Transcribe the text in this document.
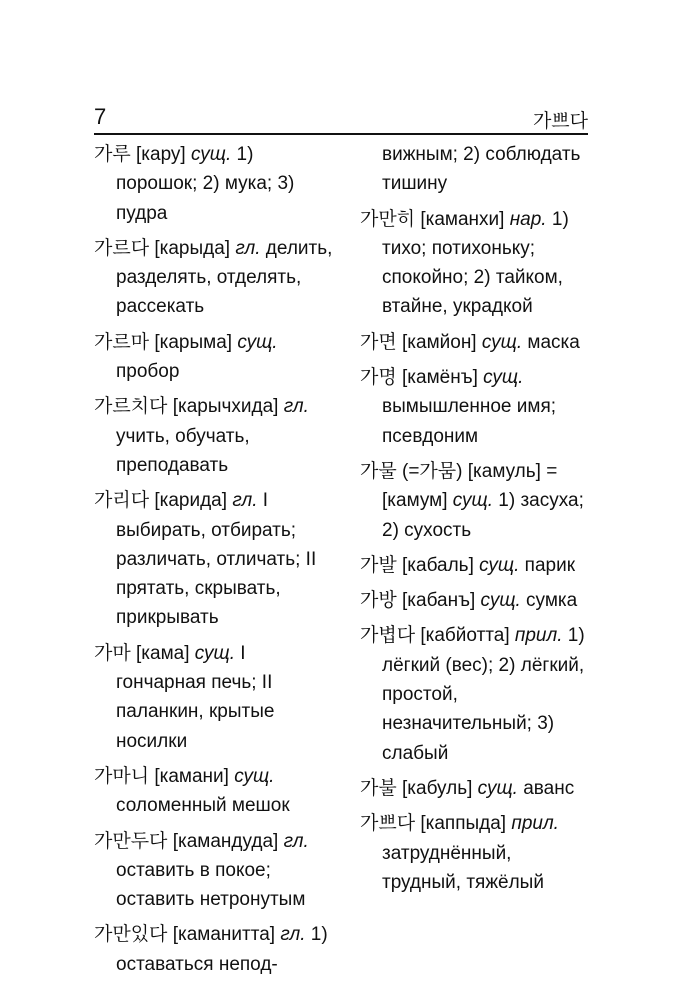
7	가쁘다
가루 [кару] сущ. 1) порошок; 2) мука; 3) пудра
가르다 [карыда] гл. делить, разделять, отделять, рассекать
가르마 [карыма] сущ. пробор
가르치다 [карычхида] гл. учить, обучать, преподавать
가리다 [карида] гл. I выбирать, отбирать; различать, отличать; II прятать, скрывать, прикрывать
가마 [кама] сущ. I гончарная печь; II паланкин, крытые носилки
가마니 [камани] сущ. соломенный мешок
가만두다 [камандуда] гл. оставить в покое; оставить нетронутым
가만있다 [каманитта] гл. 1) оставаться непод-
вижным; 2) соблюдать тишину
가만히 [каманхи] нар. 1) тихо; потихоньку; спокойно; 2) тайком, втайне, украдкой
가면 [камйон] сущ. маска
가명 [камёнъ] сущ. вымышленное имя; псевдоним
가물 (=가뭄) [камуль] = [камум] сущ. 1) засуха; 2) сухость
가발 [кабаль] сущ. парик
가방 [кабанъ] сущ. сумка
가볍다 [кабйотта] прил. 1) лёгкий (вес); 2) лёгкий, простой, незначительный; 3) слабый
가불 [кабуль] сущ. аванс
가쁘다 [каппыда] прил. затруднённый, трудный, тяжёлый
